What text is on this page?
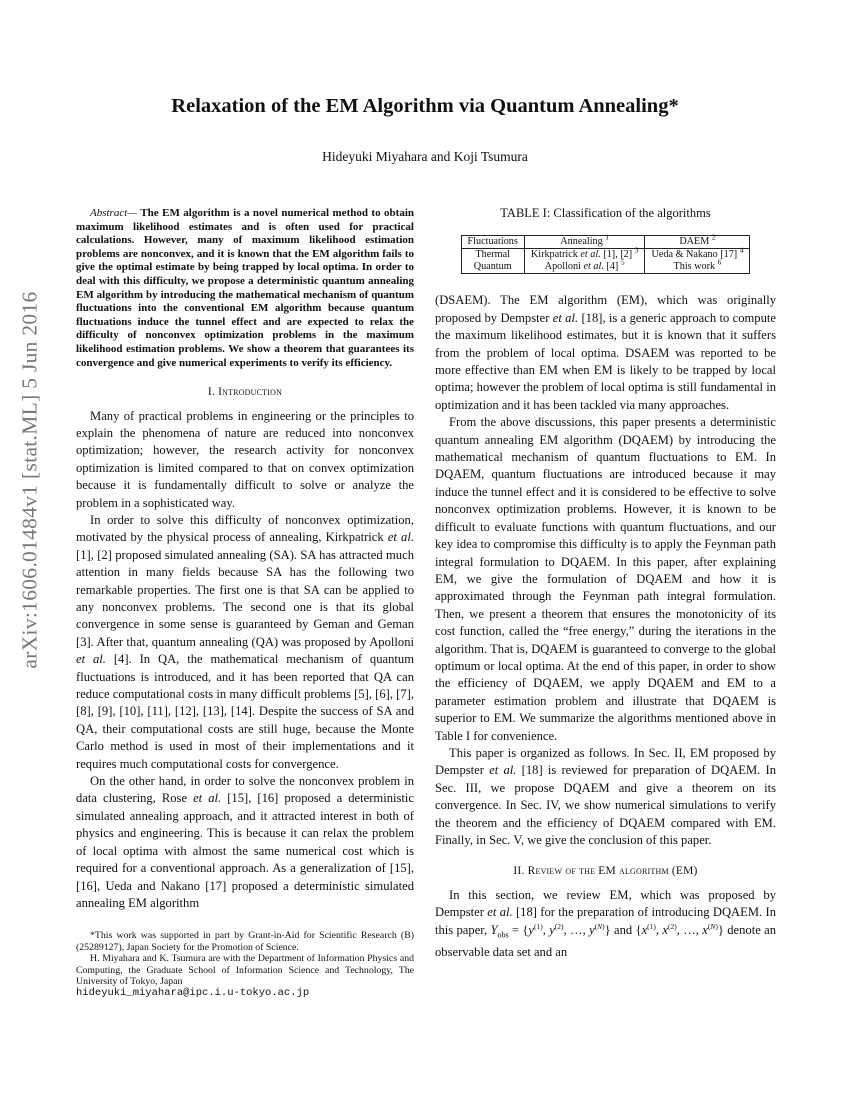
arXiv:1606.01484v1 [stat.ML] 5 Jun 2016
Relaxation of the EM Algorithm via Quantum Annealing*
Hideyuki Miyahara and Koji Tsumura

Abstract— The EM algorithm is a novel numerical method to obtain maximum likelihood estimates and is often used for practical calculations. However, many of maximum likelihood estimation problems are nonconvex, and it is known that the EM algorithm fails to give the optimal estimate by being trapped by local optima. In order to deal with this difficulty, we propose a deterministic quantum annealing EM algorithm by introducing the mathematical mechanism of quantum fluctuations into the conventional EM algorithm because quantum fluctuations induce the tunnel effect and are expected to relax the difficulty of nonconvex optimization problems in the maximum likelihood estimation problems. We show a theorem that guarantees its convergence and give numerical experiments to verify its efficiency.

I. Introduction

Many of practical problems in engineering or the principles to explain the phenomena of nature are reduced into nonconvex optimization; however, the research activity for nonconvex optimization is limited compared to that on convex optimization because it is fundamentally difficult to solve or analyze the problem in a sophisticated way.

In order to solve this difficulty of nonconvex optimization, motivated by the physical process of annealing, Kirkpatrick et al. [1], [2] proposed simulated annealing (SA). SA has attracted much attention in many fields because SA has the following two remarkable properties. The first one is that SA can be applied to any nonconvex problems. The second one is that its global convergence in some sense is guaranteed by Geman and Geman [3]. After that, quantum annealing (QA) was proposed by Apolloni et al. [4]. In QA, the mathematical mechanism of quantum fluctuations is introduced, and it has been reported that QA can reduce computational costs in many difficult problems [5], [6], [7], [8], [9], [10], [11], [12], [13], [14]. Despite the success of SA and QA, their computational costs are still huge, because the Monte Carlo method is used in most of their implementations and it requires much computational costs for convergence.

On the other hand, in order to solve the nonconvex problem in data clustering, Rose et al. [15], [16] proposed a deterministic simulated annealing approach, and it attracted interest in both of physics and engineering. This is because it can relax the problem of local optima with almost the same numerical cost which is required for a conventional approach. As a generalization of [15], [16], Ueda and Nakano [17] proposed a deterministic simulated annealing EM algorithm

*This work was supported in part by Grant-in-Aid for Scientific Research (B) (25289127), Japan Society for the Promotion of Science.

H. Miyahara and K. Tsumura are with the Department of Information Physics and Computing, the Graduate School of Information Science and Technology, The University of Tokyo, Japan
hideyuki_miyahara@ipc.i.u-tokyo.ac.jp

TABLE I: Classification of the algorithms
Fluctuations	Annealing $^1$	DAEM $^2$
Thermal	Kirkpatrick et al. [1], [2] $^3$	Ueda & Nakano [17] $^4$
Quantum	Apolloni et al. [4] $^5$	This work $^6$

(DSAEM). The EM algorithm (EM), which was originally proposed by Dempster et al. [18], is a generic approach to compute the maximum likelihood estimates, but it is known that it suffers from the problem of local optima. DSAEM was reported to be more effective than EM when EM is likely to be trapped by local optima; however the problem of local optima is still fundamental in optimization and it has been tackled via many approaches.

From the above discussions, this paper presents a deterministic quantum annealing EM algorithm (DQAEM) by introducing the mathematical mechanism of quantum fluctuations to EM. In DQAEM, quantum fluctuations are introduced because it may induce the tunnel effect and it is considered to be effective to solve nonconvex optimization problems. However, it is known to be difficult to evaluate functions with quantum fluctuations, and our key idea to compromise this difficulty is to apply the Feynman path integral formulation to DQAEM. In this paper, after explaining EM, we give the formulation of DQAEM and how it is approximated through the Feynman path integral formulation. Then, we present a theorem that ensures the monotonicity of its cost function, called the “free energy,” during the iterations in the algorithm. That is, DQAEM is guaranteed to converge to the global optimum or local optima. At the end of this paper, in order to show the efficiency of DQAEM, we apply DQAEM and EM to a parameter estimation problem and illustrate that DQAEM is superior to EM. We summarize the algorithms mentioned above in Table I for convenience.

This paper is organized as follows. In Sec. II, EM proposed by Dempster et al. [18] is reviewed for preparation of DQAEM. In Sec. III, we propose DQAEM and give a theorem on its convergence. In Sec. IV, we show numerical simulations to verify the theorem and the efficiency of DQAEM compared with EM. Finally, in Sec. V, we give the conclusion of this paper.

II. Review of the EM algorithm (EM)

In this section, we review EM, which was proposed by Dempster et al. [18] for the preparation of introducing DQAEM. In this paper, $Y_{obs} = \{y^{(1)}$, $y^{(2)}$, …, $y^{(N)}$} and {$x^{(1)}$, $x^{(2)}$, …, $x^{(N)}$} denote an observable data set and an
